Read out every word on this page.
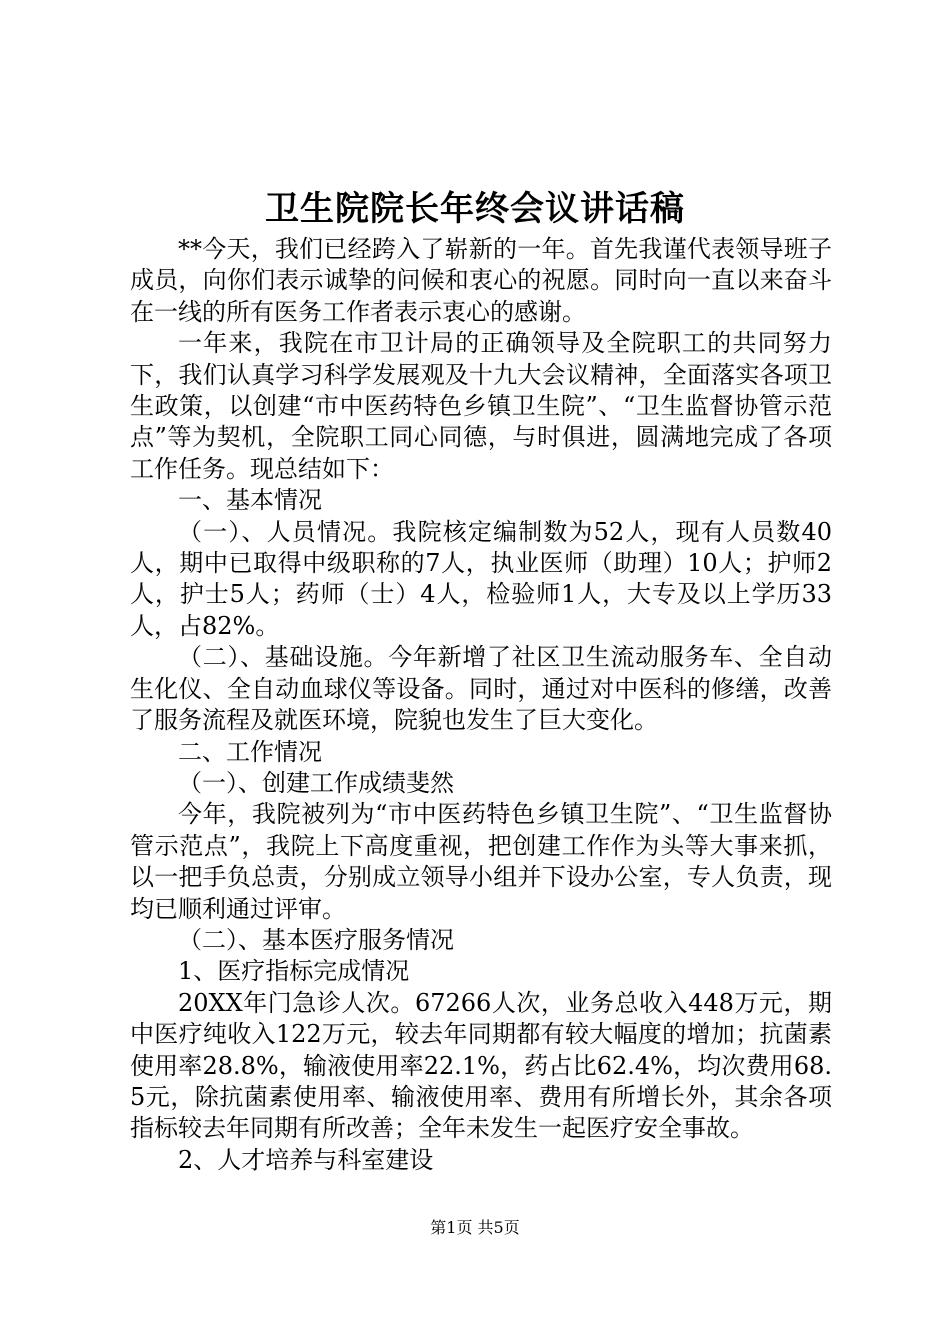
卫生院院长年终会议讲话稿

**今天，我们已经跨入了崭新的一年。首先我谨代表领导班子成员，向你们表示诚挚的问候和衷心的祝愿。同时向一直以来奋斗在一线的所有医务工作者表示衷心的感谢。

一年来，我院在市卫计局的正确领导及全院职工的共同努力下，我们认真学习科学发展观及十九大会议精神，全面落实各项卫生政策，以创建“市中医药特色乡镇卫生院”、“卫生监督协管示范点”等为契机，全院职工同心同德，与时俱进，圆满地完成了各项工作任务。现总结如下：

一、基本情况

（一）、人员情况。我院核定编制数为52人，现有人员数40人，期中已取得中级职称的7人，执业医师（助理）10人；护师2人，护士5人；药师（士）4人，检验师1人，大专及以上学历33人，占82%。

（二）、基础设施。今年新增了社区卫生流动服务车、全自动生化仪、全自动血球仪等设备。同时，通过对中医科的修缮，改善了服务流程及就医环境，院貌也发生了巨大变化。

二、工作情况

（一）、创建工作成绩斐然

今年，我院被列为“市中医药特色乡镇卫生院”、“卫生监督协管示范点”，我院上下高度重视，把创建工作作为头等大事来抓，以一把手负总责，分别成立领导小组并下设办公室，专人负责，现均已顺利通过评审。

（二）、基本医疗服务情况

1、医疗指标完成情况

20XX年门急诊人次。67266人次，业务总收入448万元，期中医疗纯收入122万元，较去年同期都有较大幅度的增加；抗菌素使用率28.8%，输液使用率22.1%，药占比62.4%，均次费用68.5元，除抗菌素使用率、输液使用率、费用有所增长外，其余各项指标较去年同期有所改善；全年未发生一起医疗安全事故。

2、人才培养与科室建设

第1页 共5页
